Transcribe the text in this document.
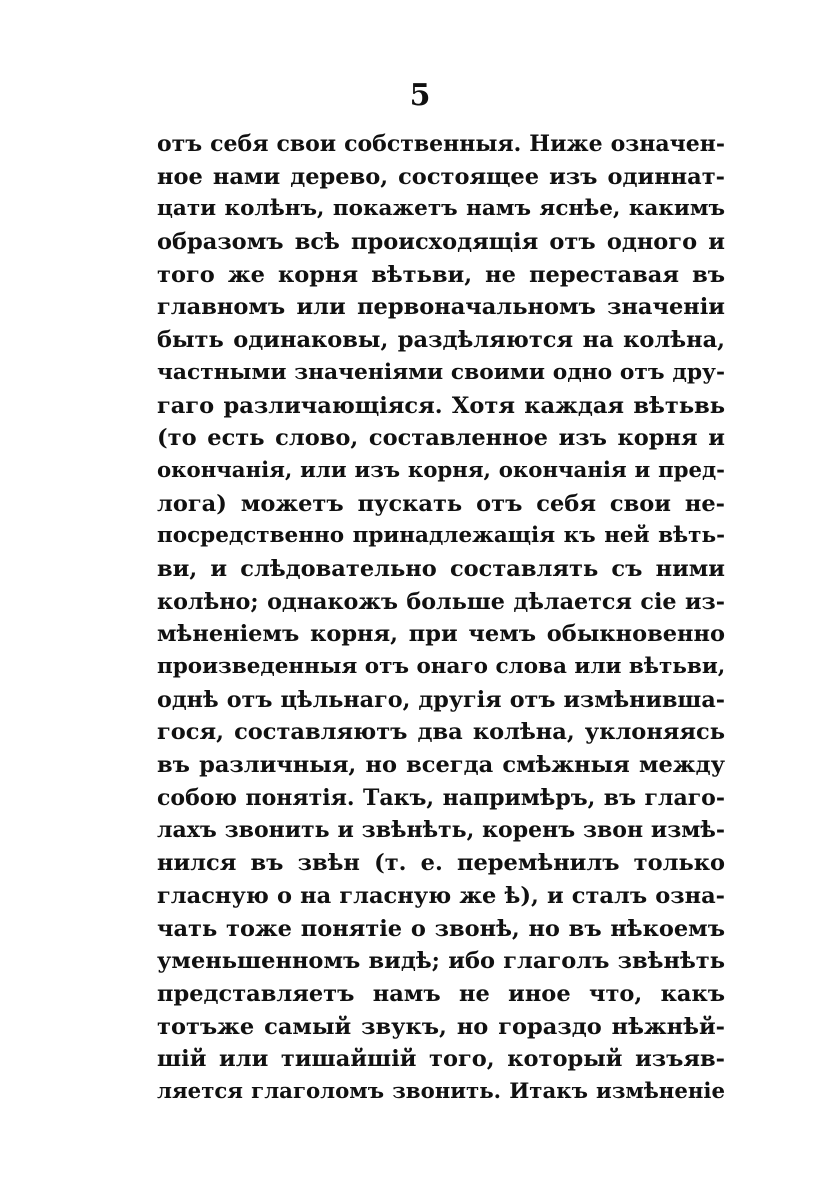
5
отъ себя свои собственныя. Ниже означен-
ное нами дерево, состоящее изъ одиннат-
цати колѣнъ, покажетъ намъ яснѣе, какимъ
образомъ всѣ происходящія отъ одного и
того же корня вѣтьви, не переставая въ
главномъ или первоначальномъ значеніи
быть одинаковы, раздѣляются на колѣна,
частными значеніями своими одно отъ дру-
гаго различающіяся. Хотя каждая вѣтьвь
(то есть слово, составленное изъ корня и
окончанія, или изъ корня, окончанія и пред-
лога) можетъ пускать отъ себя свои не-
посредственно принадлежащія къ ней вѣть-
ви, и слѣдовательно составлять съ ними
колѣно; однакожъ больше дѣлается сіе из-
мѣненіемъ корня, при чемъ обыкновенно
произведенныя отъ онаго слова или вѣтьви,
однѣ отъ цѣльнаго, другія отъ измѣнивша-
гося, составляютъ два колѣна, уклоняясь
въ различныя, но всегда смѣжныя между
собою понятія. Такъ, напримѣръ, въ глаго-
лахъ звонить и звѣнѣть, коренъ звон измѣ-
нился въ звѣн (т. е. перемѣнилъ только
гласную о на гласную же ѣ), и сталъ озна-
чать тоже понятіе о звонѣ, но въ нѣкоемъ
уменьшенномъ видѣ; ибо глаголъ звѣнѣть
представляетъ намъ не иное что, какъ
тотъже самый звукъ, но гораздо нѣжнѣй-
шій или тишайшій того, который изъяв-
ляется глаголомъ звонить. Итакъ измѣненіе
